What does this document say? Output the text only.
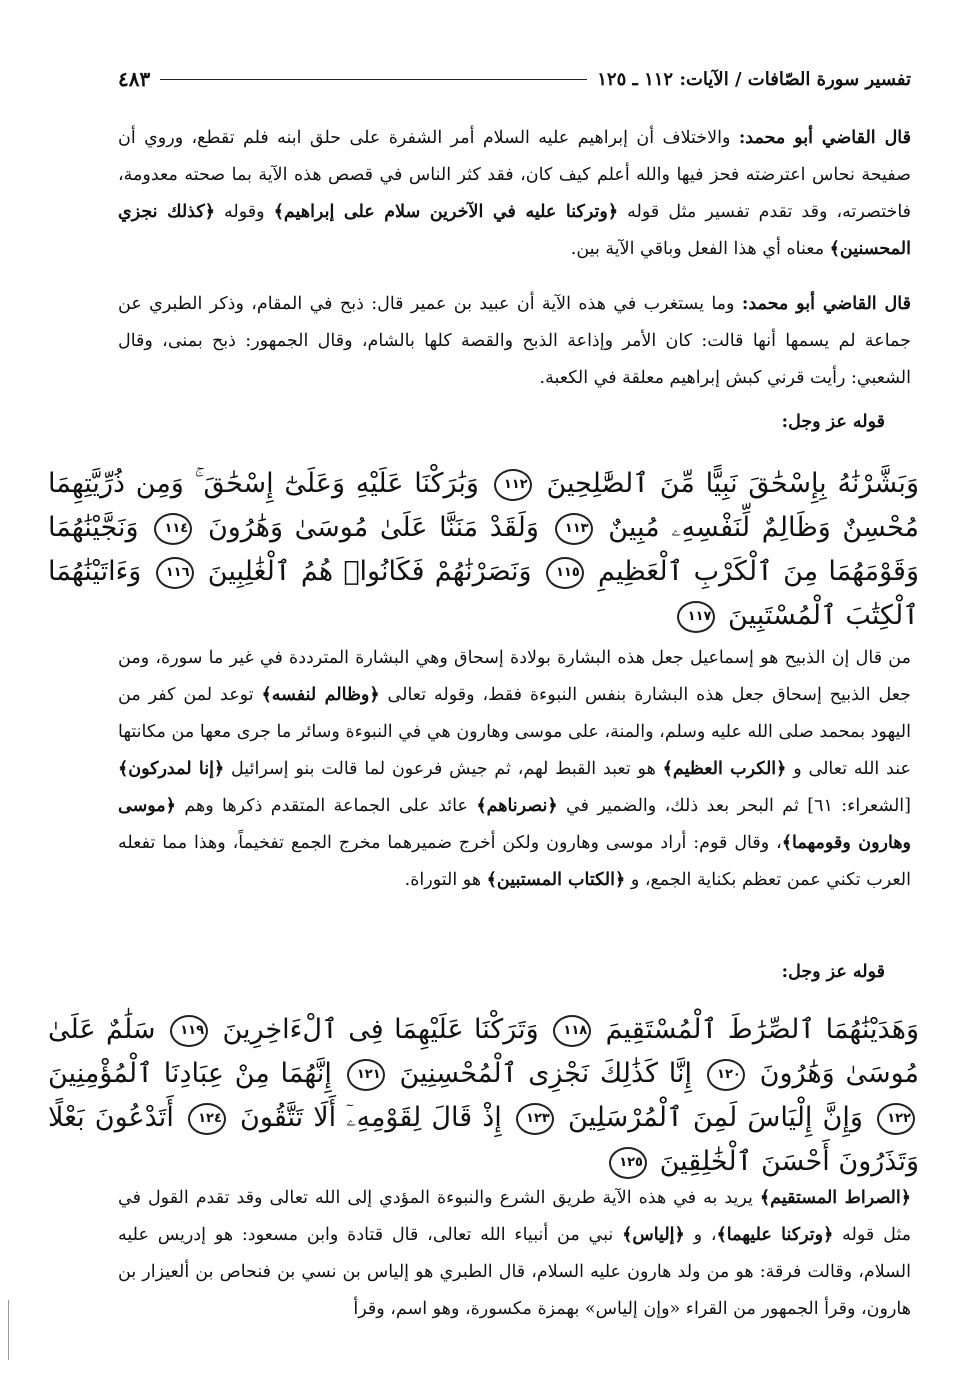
تفسير سورة الصّافات / الآيات: ١١٢ ـ ١٢٥
٤٨٣

قال القاضي أبو محمد: والاختلاف أن إبراهيم عليه السلام أمر الشفرة على حلق ابنه فلم تقطع، وروي أن صفيحة نحاس اعترضته فحز فيها والله أعلم كيف كان، فقد كثر الناس في قصص هذه الآية بما صحته معدومة، فاختصرته، وقد تقدم تفسير مثل قوله ﴿وتركنا عليه في الآخرين سلام على إبراهيم﴾ وقوله ﴿كذلك نجزي المحسنين﴾ معناه أي هذا الفعل وباقي الآية بين.

قال القاضي أبو محمد: وما يستغرب في هذه الآية أن عبيد بن عمير قال: ذبح في المقام، وذكر الطبري عن جماعة لم يسمها أنها قالت: كان الأمر وإذاعة الذبح والقصة كلها بالشام، وقال الجمهور: ذبح بمنى، وقال الشعبي: رأيت قرني كبش إبراهيم معلقة في الكعبة.

قوله عز وجل:

وَبَشَّرْنَٰهُ بِإِسْحَٰقَ نَبِيًّا مِّنَ ٱلصَّٰلِحِينَ ١١٢ وَبَٰرَكْنَا عَلَيْهِ وَعَلَىٰٓ إِسْحَٰقَ ۚ وَمِن ذُرِّيَّتِهِمَا مُحْسِنٌ وَظَالِمٌ لِّنَفْسِهِۦ مُبِينٌ ١١٣ وَلَقَدْ مَنَنَّا عَلَىٰ مُوسَىٰ وَهَٰرُونَ ١١٤ وَنَجَّيْنَٰهُمَا وَقَوْمَهُمَا مِنَ ٱلْكَرْبِ ٱلْعَظِيمِ ١١٥ وَنَصَرْنَٰهُمْ فَكَانُوا۟ هُمُ ٱلْغَٰلِبِينَ ١١٦ وَءَاتَيْنَٰهُمَا ٱلْكِتَٰبَ ٱلْمُسْتَبِينَ ١١٧

من قال إن الذبيح هو إسماعيل جعل هذه البشارة بولادة إسحاق وهي البشارة المترددة في غير ما سورة، ومن جعل الذبيح إسحاق جعل هذه البشارة بنفس النبوءة فقط، وقوله تعالى ﴿وظالم لنفسه﴾ توعد لمن كفر من اليهود بمحمد صلى الله عليه وسلم، والمنة، على موسى وهارون هي في النبوءة وسائر ما جرى معها من مكانتها عند الله تعالى و ﴿الكرب العظيم﴾ هو تعبد القبط لهم، ثم جيش فرعون لما قالت بنو إسرائيل ﴿إنا لمدركون﴾ [الشعراء: ٦١] ثم البحر بعد ذلك، والضمير في ﴿نصرناهم﴾ عائد على الجماعة المتقدم ذكرها وهم ﴿موسى وهارون وقومهما﴾، وقال قوم: أراد موسى وهارون ولكن أخرج ضميرهما مخرج الجمع تفخيماً، وهذا مما تفعله العرب تكني عمن تعظم بكناية الجمع، و ﴿الكتاب المستبين﴾ هو التوراة.

قوله عز وجل:

وَهَدَيْنَٰهُمَا ٱلصِّرَٰطَ ٱلْمُسْتَقِيمَ ١١٨ وَتَرَكْنَا عَلَيْهِمَا فِى ٱلْءَاخِرِينَ ١١٩ سَلَٰمٌ عَلَىٰ مُوسَىٰ وَهَٰرُونَ ١٢٠ إِنَّا كَذَٰلِكَ نَجْزِى ٱلْمُحْسِنِينَ ١٢١ إِنَّهُمَا مِنْ عِبَادِنَا ٱلْمُؤْمِنِينَ ١٢٢ وَإِنَّ إِلْيَاسَ لَمِنَ ٱلْمُرْسَلِينَ ١٢٣ إِذْ قَالَ لِقَوْمِهِۦٓ أَلَا تَتَّقُونَ ١٢٤ أَتَدْعُونَ بَعْلًا وَتَذَرُونَ أَحْسَنَ ٱلْخَٰلِقِينَ ١٢٥

﴿الصراط المستقيم﴾ يريد به في هذه الآية طريق الشرع والنبوءة المؤدي إلى الله تعالى وقد تقدم القول في مثل قوله ﴿وتركنا عليهما﴾، و ﴿إلياس﴾ نبي من أنبياء الله تعالى، قال قتادة وابن مسعود: هو إدريس عليه السلام، وقالت فرقة: هو من ولد هارون عليه السلام، قال الطبري هو إلياس بن نسي بن فنحاص بن ألعيزار بن هارون، وقرأ الجمهور من القراء «وإن إلياس» بهمزة مكسورة، وهو اسم، وقرأ
